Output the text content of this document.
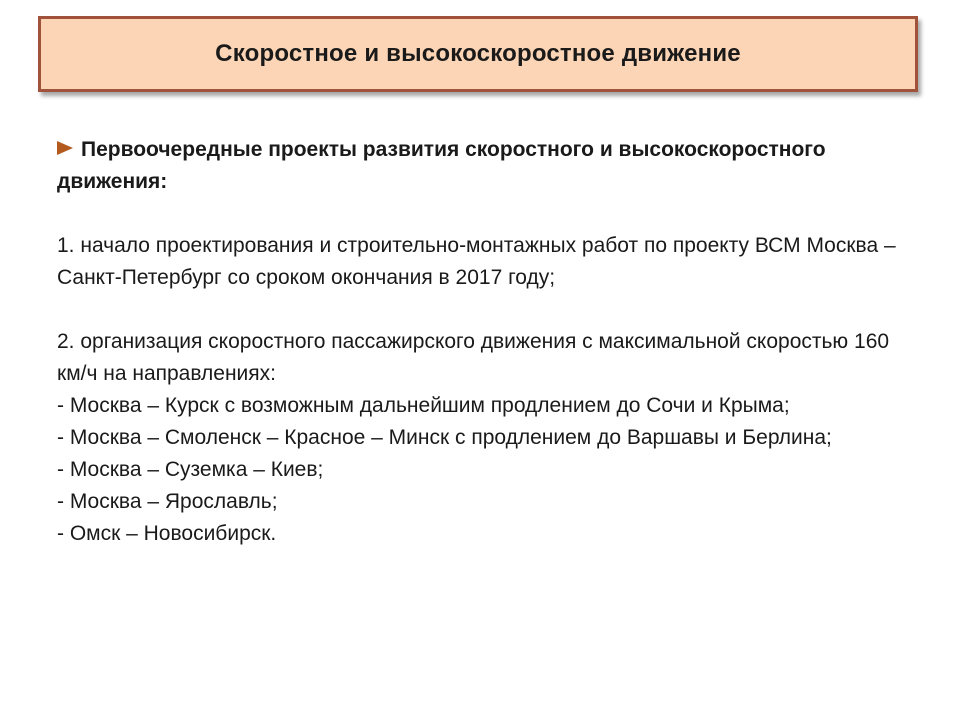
Скоростное и высокоскоростное движение

Первоочередные проекты развития скоростного и высокоскоростного движения:

1. начало проектирования и строительно-монтажных работ по проекту ВСМ Москва – Санкт-Петербург со сроком окончания в 2017 году;

2. организация скоростного пассажирского движения с максимальной скоростью 160 км/ч на направлениях:

- Москва – Курск с возможным дальнейшим продлением до Сочи и Крыма;

- Москва – Смоленск – Красное – Минск с продлением до Варшавы и Берлина;

- Москва – Суземка – Киев;

- Москва – Ярославль;

- Омск – Новосибирск.
